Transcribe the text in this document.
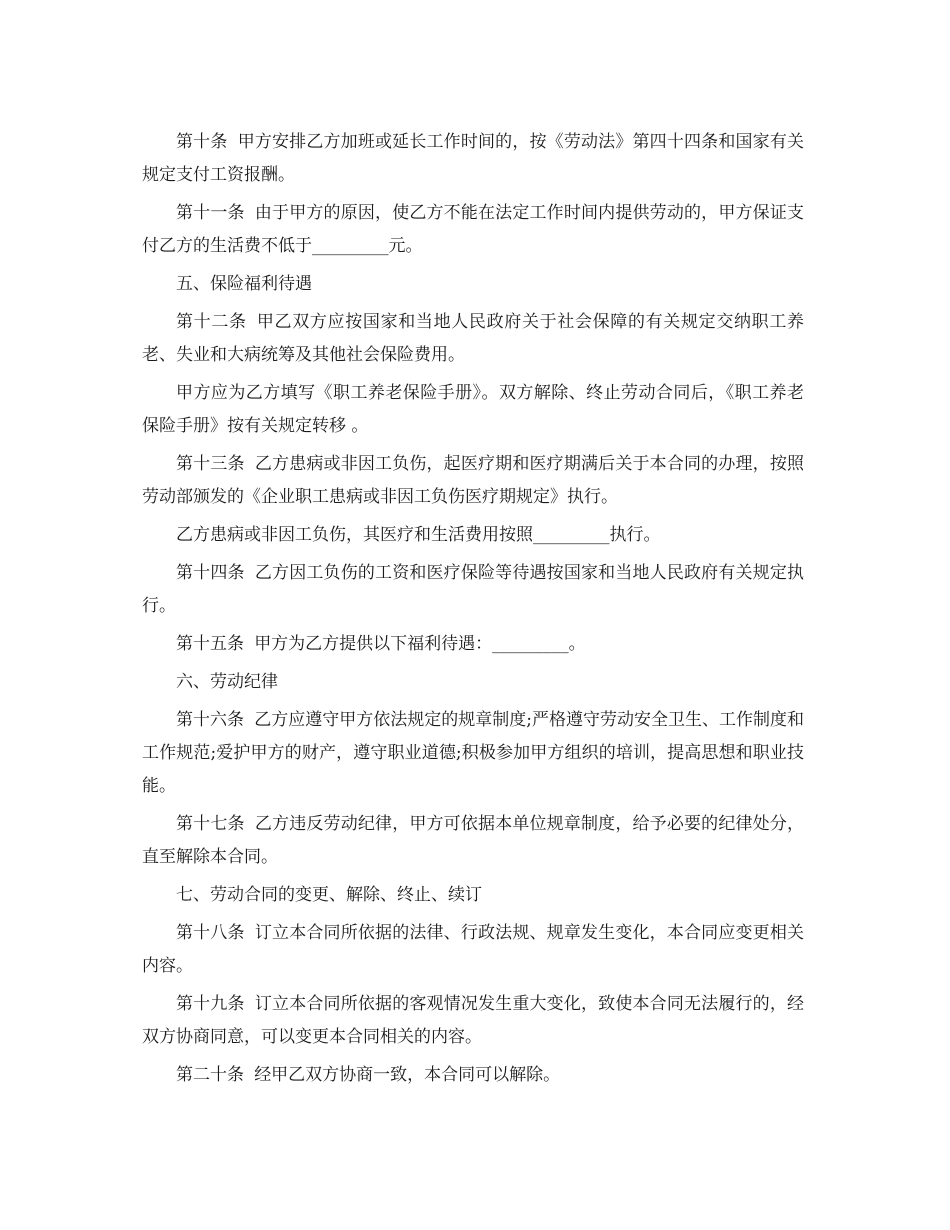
第十条 甲方安排乙方加班或延长工作时间的，按《劳动法》第四十四条和国家有关规定支付工资报酬。

第十一条 由于甲方的原因，使乙方不能在法定工作时间内提供劳动的，甲方保证支付乙方的生活费不低于_________元。

五、保险福利待遇

第十二条 甲乙双方应按国家和当地人民政府关于社会保障的有关规定交纳职工养老、失业和大病统筹及其他社会保险费用。

甲方应为乙方填写《职工养老保险手册》。双方解除、终止劳动合同后，《职工养老保险手册》按有关规定转移 。

第十三条 乙方患病或非因工负伤，起医疗期和医疗期满后关于本合同的办理，按照劳动部颁发的《企业职工患病或非因工负伤医疗期规定》执行。

乙方患病或非因工负伤，其医疗和生活费用按照_________执行。

第十四条 乙方因工负伤的工资和医疗保险等待遇按国家和当地人民政府有关规定执行。

第十五条 甲方为乙方提供以下福利待遇：_________。

六、劳动纪律

第十六条 乙方应遵守甲方依法规定的规章制度;严格遵守劳动安全卫生、工作制度和工作规范;爱护甲方的财产，遵守职业道德;积极参加甲方组织的培训，提高思想和职业技能。

第十七条 乙方违反劳动纪律，甲方可依据本单位规章制度，给予必要的纪律处分，直至解除本合同。

七、劳动合同的变更、解除、终止、续订

第十八条 订立本合同所依据的法律、行政法规、规章发生变化，本合同应变更相关内容。

第十九条 订立本合同所依据的客观情况发生重大变化，致使本合同无法履行的，经双方协商同意，可以变更本合同相关的内容。

第二十条 经甲乙双方协商一致，本合同可以解除。
